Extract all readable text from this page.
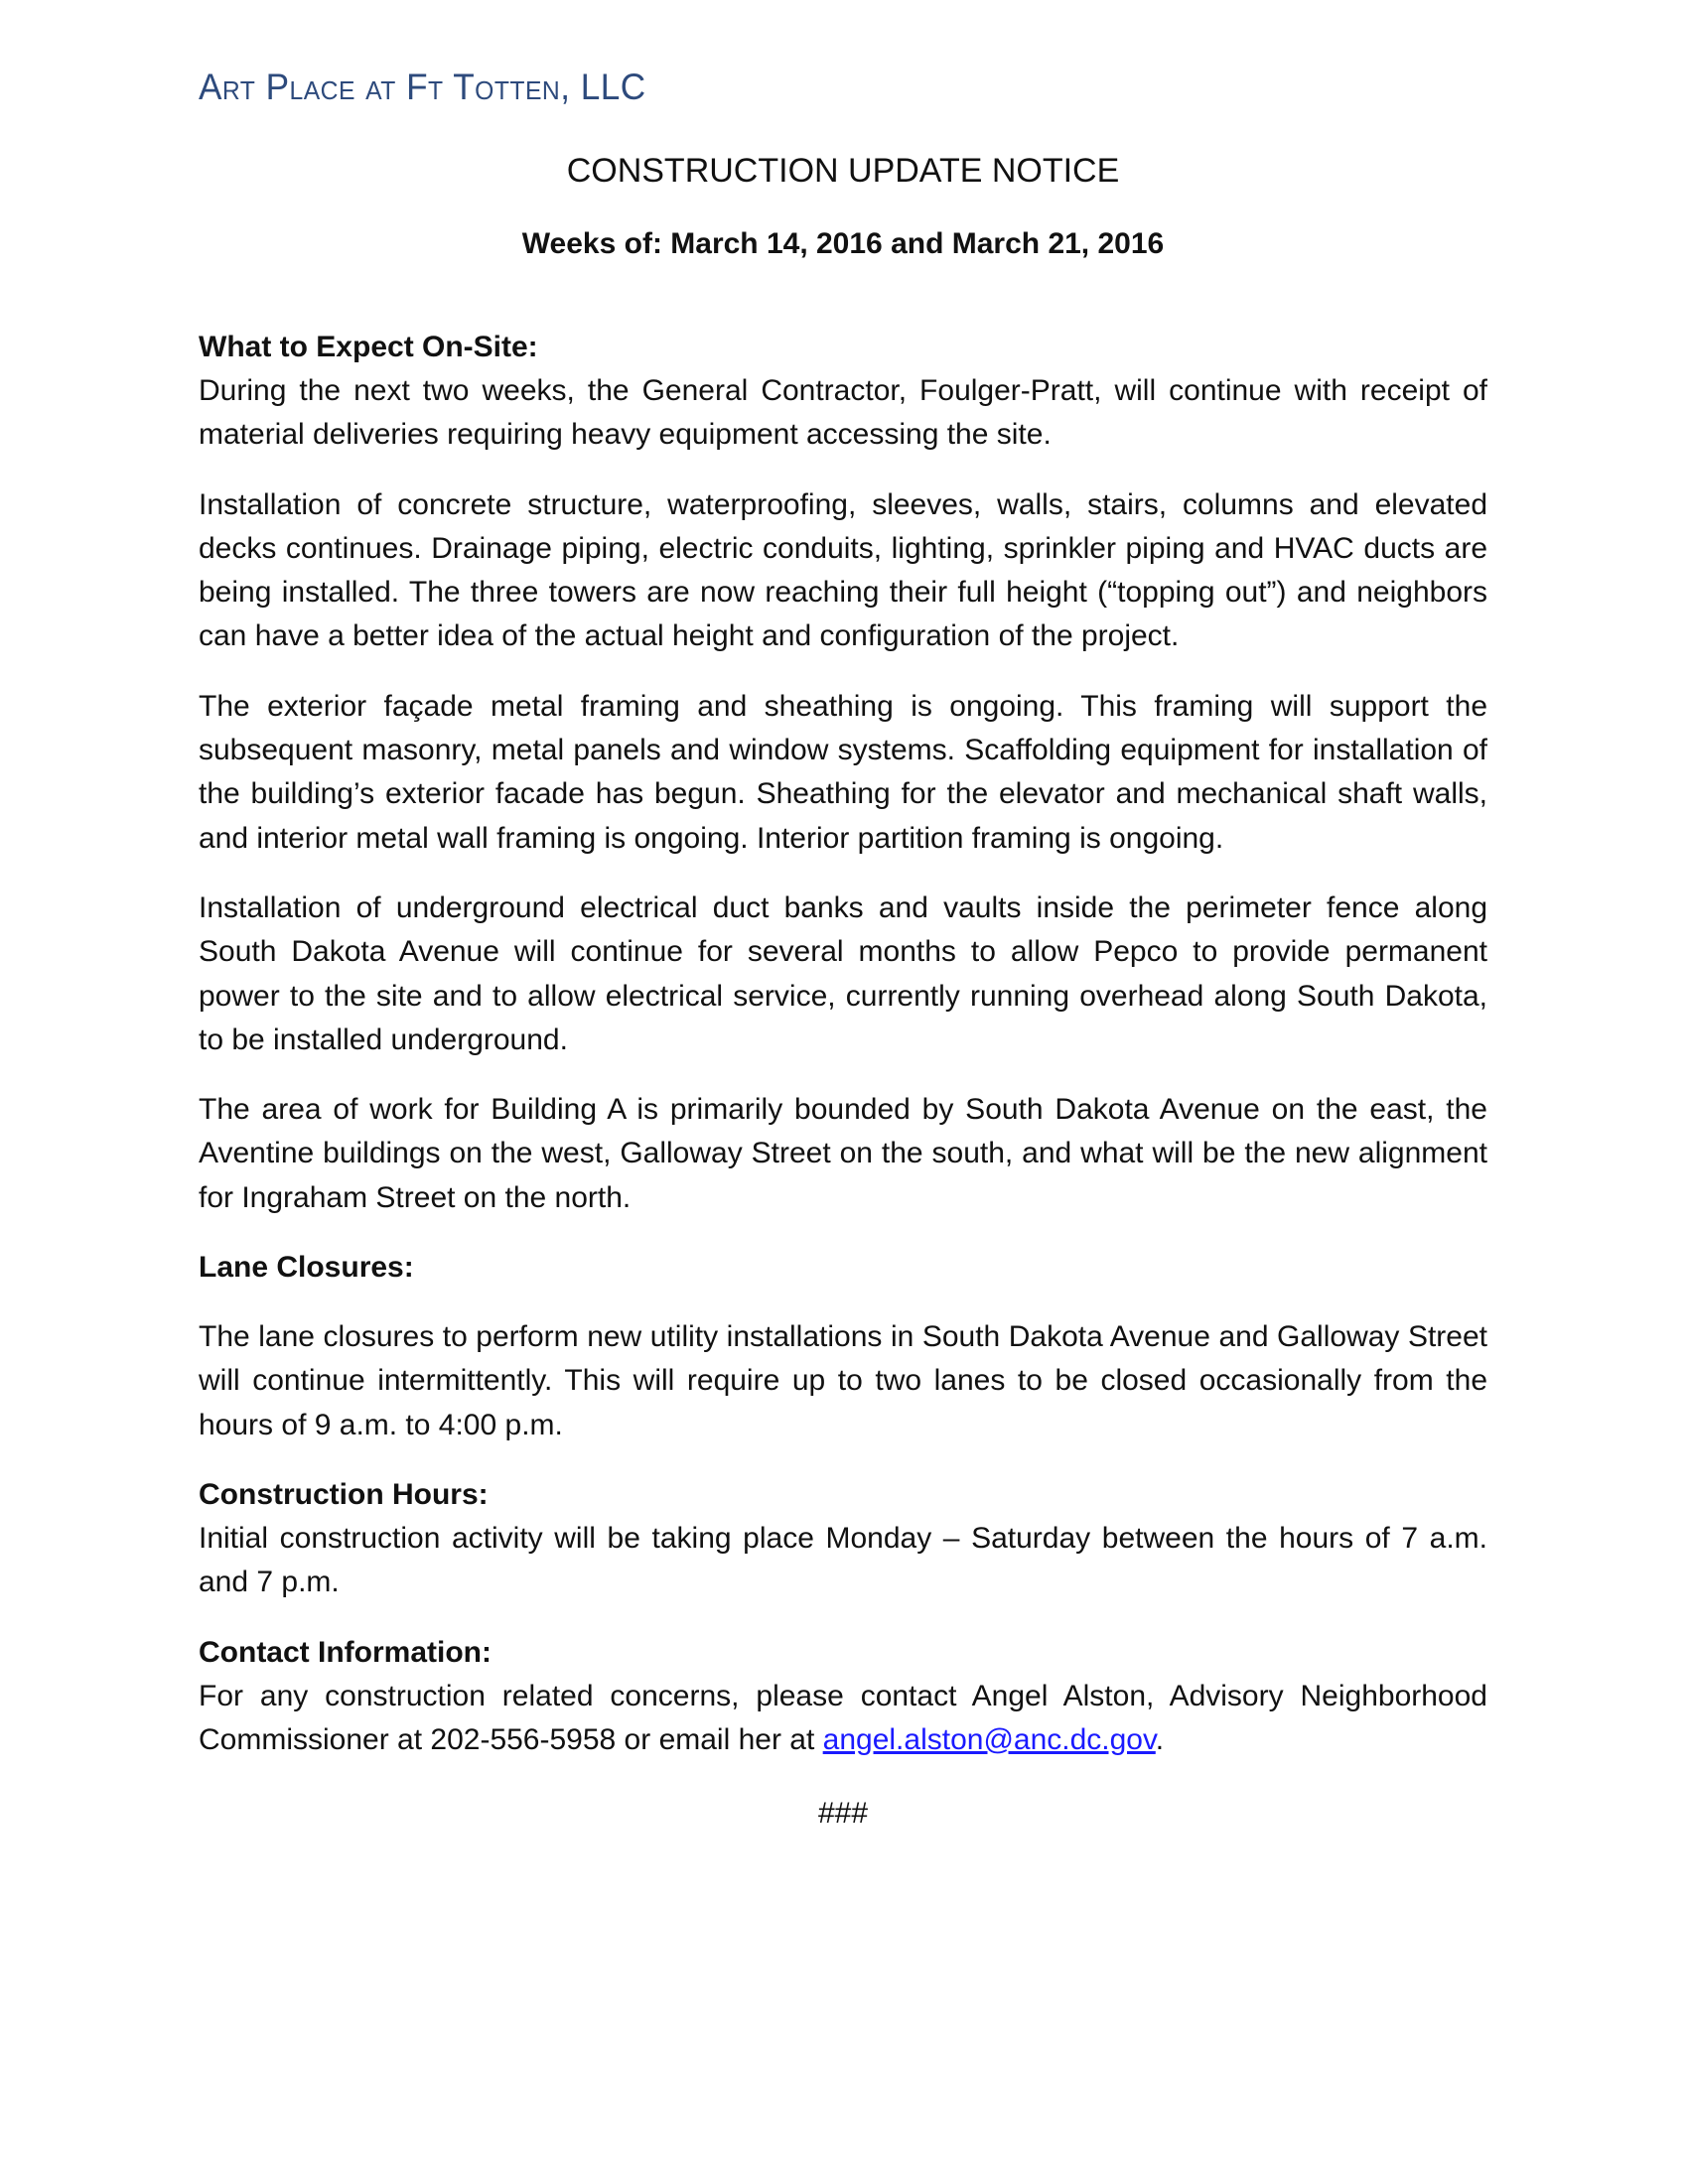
Art Place at Ft Totten, LLC
CONSTRUCTION UPDATE NOTICE
Weeks of: March 14, 2016 and March 21, 2016
What to Expect On-Site:

During the next two weeks, the General Contractor, Foulger-Pratt, will continue with receipt of material deliveries requiring heavy equipment accessing the site.

Installation of concrete structure, waterproofing, sleeves, walls, stairs, columns and elevated decks continues. Drainage piping, electric conduits, lighting, sprinkler piping and HVAC ducts are being installed. The three towers are now reaching their full height (“topping out”) and neighbors can have a better idea of the actual height and configuration of the project.

The exterior façade metal framing and sheathing is ongoing. This framing will support the subsequent masonry, metal panels and window systems. Scaffolding equipment for installation of the building’s exterior facade has begun. Sheathing for the elevator and mechanical shaft walls, and interior metal wall framing is ongoing. Interior partition framing is ongoing.

Installation of underground electrical duct banks and vaults inside the perimeter fence along South Dakota Avenue will continue for several months to allow Pepco to provide permanent power to the site and to allow electrical service, currently running overhead along South Dakota, to be installed underground.

The area of work for Building A is primarily bounded by South Dakota Avenue on the east, the Aventine buildings on the west, Galloway Street on the south, and what will be the new alignment for Ingraham Street on the north.

Lane Closures:

The lane closures to perform new utility installations in South Dakota Avenue and Galloway Street will continue intermittently. This will require up to two lanes to be closed occasionally from the hours of 9 a.m. to 4:00 p.m.

Construction Hours:

Initial construction activity will be taking place Monday – Saturday between the hours of 7 a.m. and 7 p.m.

Contact Information:

For any construction related concerns, please contact Angel Alston, Advisory Neighborhood Commissioner at 202-556-5958 or email her at angel.alston@anc.dc.gov.

###
